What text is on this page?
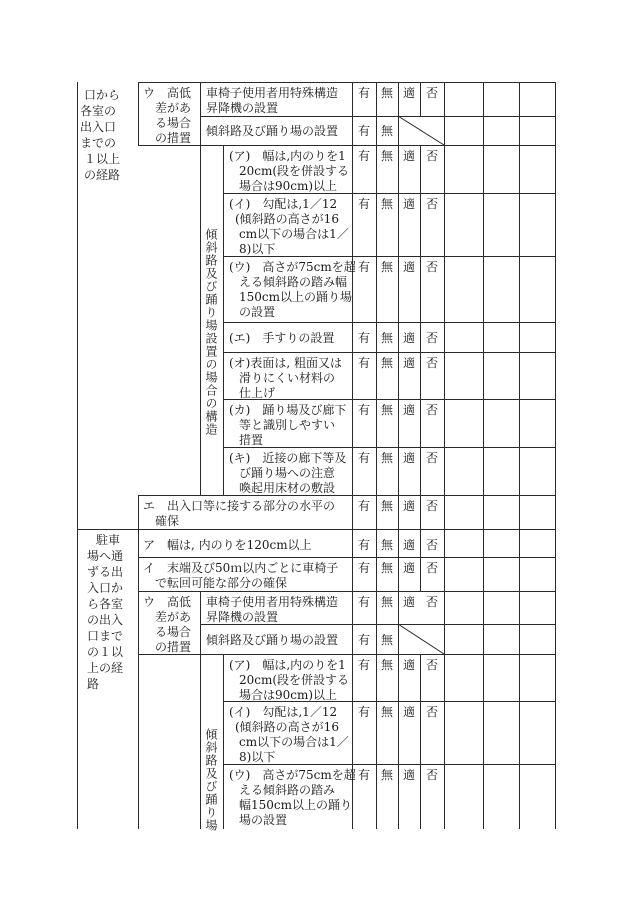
口から
各室の
出入口
までの
１以上
の経路
ウ　高低
差があ
る場合
の措置
車椅子使用者用特殊構造
昇降機の設置
傾斜路及び踊り場の設置
傾斜路及び踊り場設置の場合の構造
(ア)　幅は,内のりを1
20cm(段を併設する
場合は90cm)以上
(イ)　勾配は,1／12
(傾斜路の高さが16
cm以下の場合は1／
8)以下
(ウ)　高さが75cmを超
える傾斜路の踏み幅
150cm以上の踊り場
の設置
(エ)　手すりの設置
(オ)表面は, 粗面又は
滑りにくい材料の
仕上げ
(カ)　踊り場及び廊下
等と識別しやすい
措置
(キ)　近接の廊下等及
び踊り場への注意
喚起用床材の敷設
エ　出入口等に接する部分の水平の
確保
駐車
場へ通
ずる出
入口か
ら各室
の出入
口まで
の１以
上の経
路
ア　幅は, 内のりを120cm以上
イ　末端及び50ｍ以内ごとに車椅子
で転回可能な部分の確保
ウ　高低
差があ
る場合
の措置
車椅子使用者用特殊構造
昇降機の設置
傾斜路及び踊り場の設置
傾斜路及び踊り場
(ア)　幅は,内のりを1
20cm(段を併設する
場合は90cm)以上
(イ)　勾配は,1／12
(傾斜路の高さが16
cm以下の場合は1／
8)以下
(ウ)　高さが75cmを超
える傾斜路の踏み
幅150cm以上の踊り
場の設置
有 無 適 否
有 無
有 無 適 否
有 無 適 否
有 無 適 否
有 無 適 否
有 無 適 否
有 無 適 否
有 無 適 否
有 無 適 否
有 無 適 否
有 無 適 否
有 無 適 否
有 無
有 無 適 否
有 無 適 否
有 無 適 否
